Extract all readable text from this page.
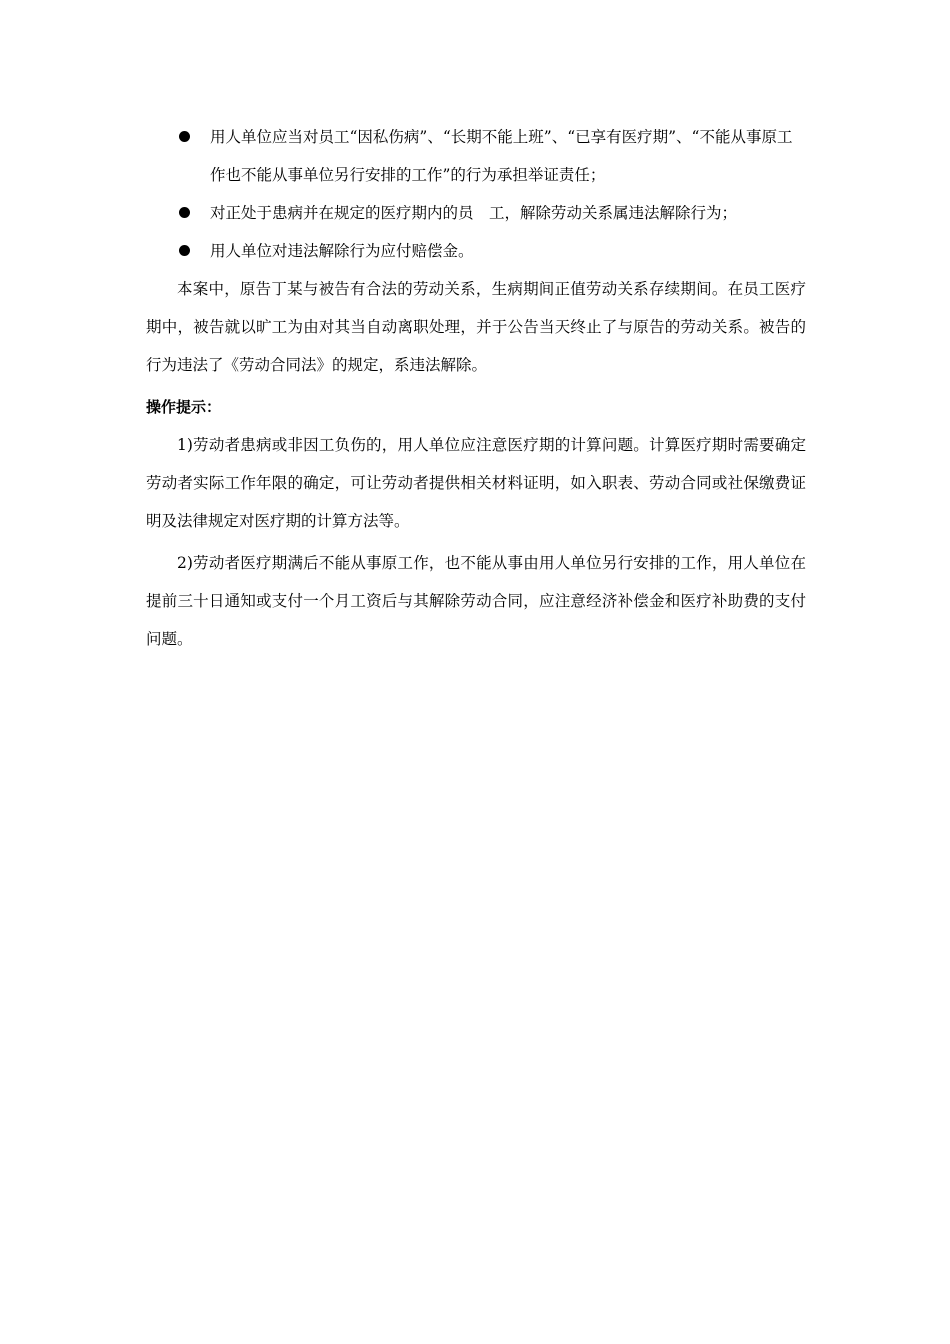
用人单位应当对员工“因私伤病”、“长期不能上班”、“已享有医疗期”、“不能从事原工作也不能从事单位另行安排的工作”的行为承担举证责任；
对正处于患病并在规定的医疗期内的员　工，解除劳动关系属违法解除行为；
用人单位对违法解除行为应付赔偿金。

本案中，原告丁某与被告有合法的劳动关系，生病期间正值劳动关系存续期间。在员工医疗期中，被告就以旷工为由对其当自动离职处理，并于公告当天终止了与原告的劳动关系。被告的行为违法了《劳动合同法》的规定，系违法解除。

操作提示：

1)劳动者患病或非因工负伤的，用人单位应注意医疗期的计算问题。计算医疗期时需要确定劳动者实际工作年限的确定，可让劳动者提供相关材料证明，如入职表、劳动合同或社保缴费证明及法律规定对医疗期的计算方法等。

2)劳动者医疗期满后不能从事原工作，也不能从事由用人单位另行安排的工作，用人单位在提前三十日通知或支付一个月工资后与其解除劳动合同，应注意经济补偿金和医疗补助费的支付问题。
